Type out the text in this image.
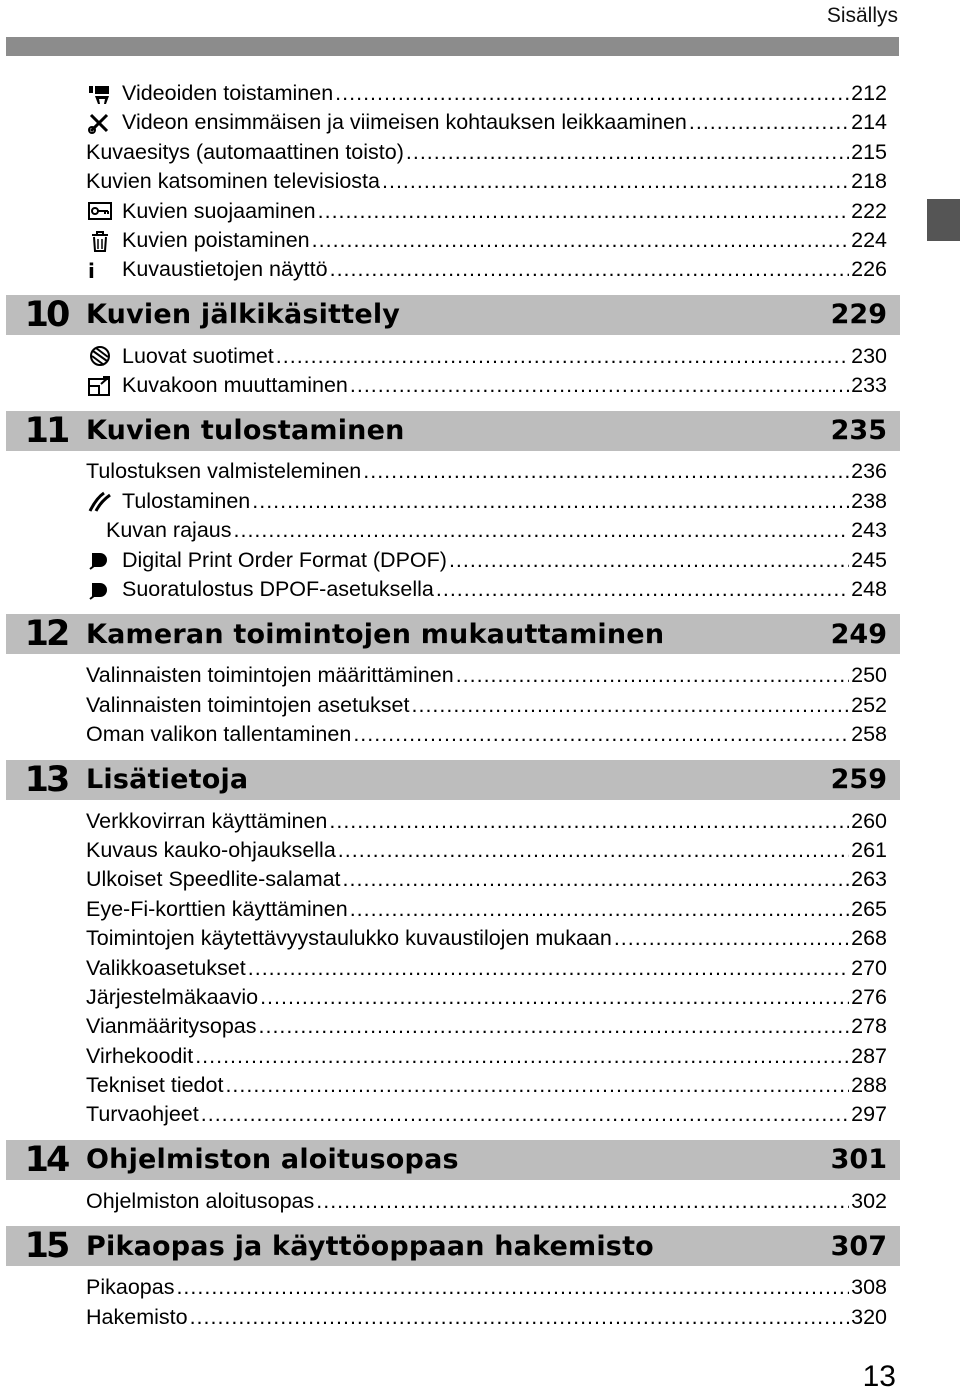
Sisällys
Videoiden toistaminen .....	212
Videon ensimmäisen ja viimeisen kohtauksen leikkaaminen .....	214
Kuvaesitys (automaattinen toisto) .....	215
Kuvien katsominen televisiosta .....	218
Kuvien suojaaminen .....	222
Kuvien poistaminen .....	224
i Kuvaustietojen näyttö .....	226
10 Kuvien jälkikäsittely	229
Luovat suotimet .....	230
Kuvakoon muuttaminen .....	233
11 Kuvien tulostaminen	235
Tulostuksen valmisteleminen .....	236
Tulostaminen .....	238
Kuvan rajaus .....	243
Digital Print Order Format (DPOF) .....	245
Suoratulostus DPOF-asetuksella .....	248
12 Kameran toimintojen mukauttaminen	249
Valinnaisten toimintojen määrittäminen .....	250
Valinnaisten toimintojen asetukset .....	252
Oman valikon tallentaminen .....	258
13 Lisätietoja	259
Verkkovirran käyttäminen .....	260
Kuvaus kauko-ohjauksella .....	261
Ulkoiset Speedlite-salamat .....	263
Eye-Fi-korttien käyttäminen .....	265
Toimintojen käytettävyystaulukko kuvaustilojen mukaan .....	268
Valikkoasetukset .....	270
Järjestelmäkaavio .....	276
Vianmääritysopas .....	278
Virhekoodit .....	287
Tekniset tiedot .....	288
Turvaohjeet .....	297
14 Ohjelmiston aloitusopas	301
Ohjelmiston aloitusopas .....	302
15 Pikaopas ja käyttöoppaan hakemisto	307
Pikaopas .....	308
Hakemisto .....	320
13
